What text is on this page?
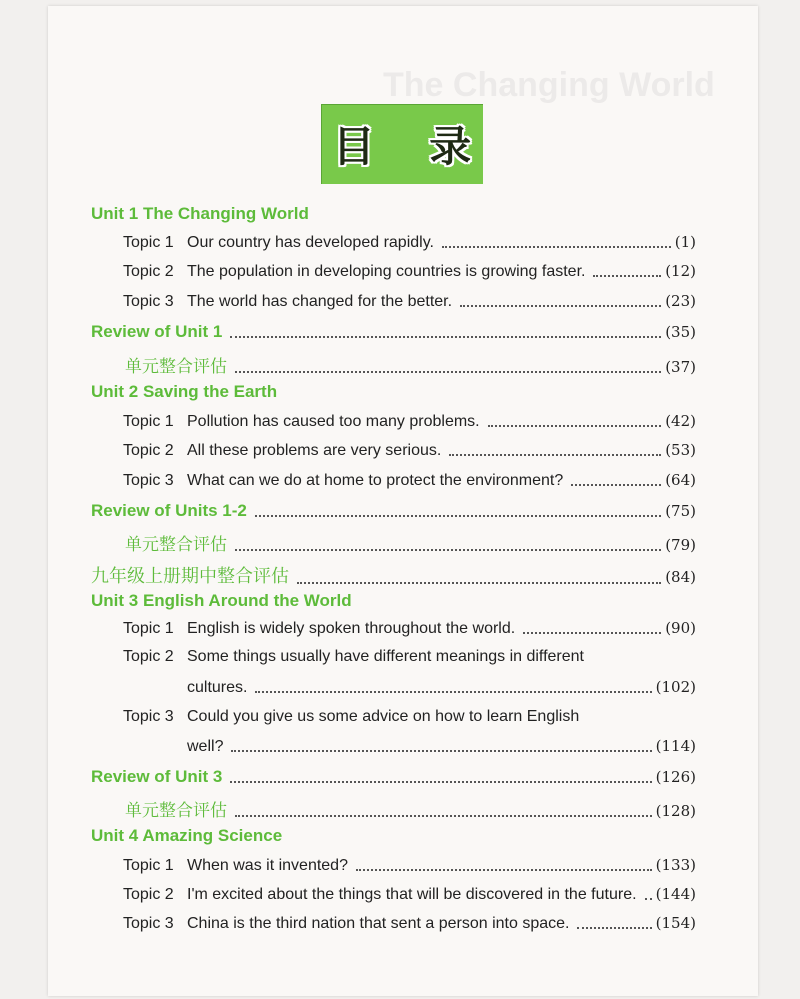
The Changing World
目 录
Unit 1 The Changing World
Topic 1 Our country has developed rapidly.	(1)
Topic 2 The population in developing countries is growing faster.	(12)
Topic 3 The world has changed for the better.	(23)
Review of Unit 1	(35)
单元整合评估	(37)
Unit 2 Saving the Earth
Topic 1 Pollution has caused too many problems.	(42)
Topic 2 All these problems are very serious.	(53)
Topic 3 What can we do at home to protect the environment?	(64)
Review of Units 1-2	(75)
单元整合评估	(79)
九年级上册期中整合评估	(84)
Unit 3 English Around the World
Topic 1 English is widely spoken throughout the world.	(90)
Topic 2 Some things usually have different meanings in different
cultures.	(102)
Topic 3 Could you give us some advice on how to learn English
well?	(114)
Review of Unit 3	(126)
单元整合评估	(128)
Unit 4 Amazing Science
Topic 1 When was it invented?	(133)
Topic 2 I'm excited about the things that will be discovered in the future. (144)
Topic 3 China is the third nation that sent a person into space.	(154)
